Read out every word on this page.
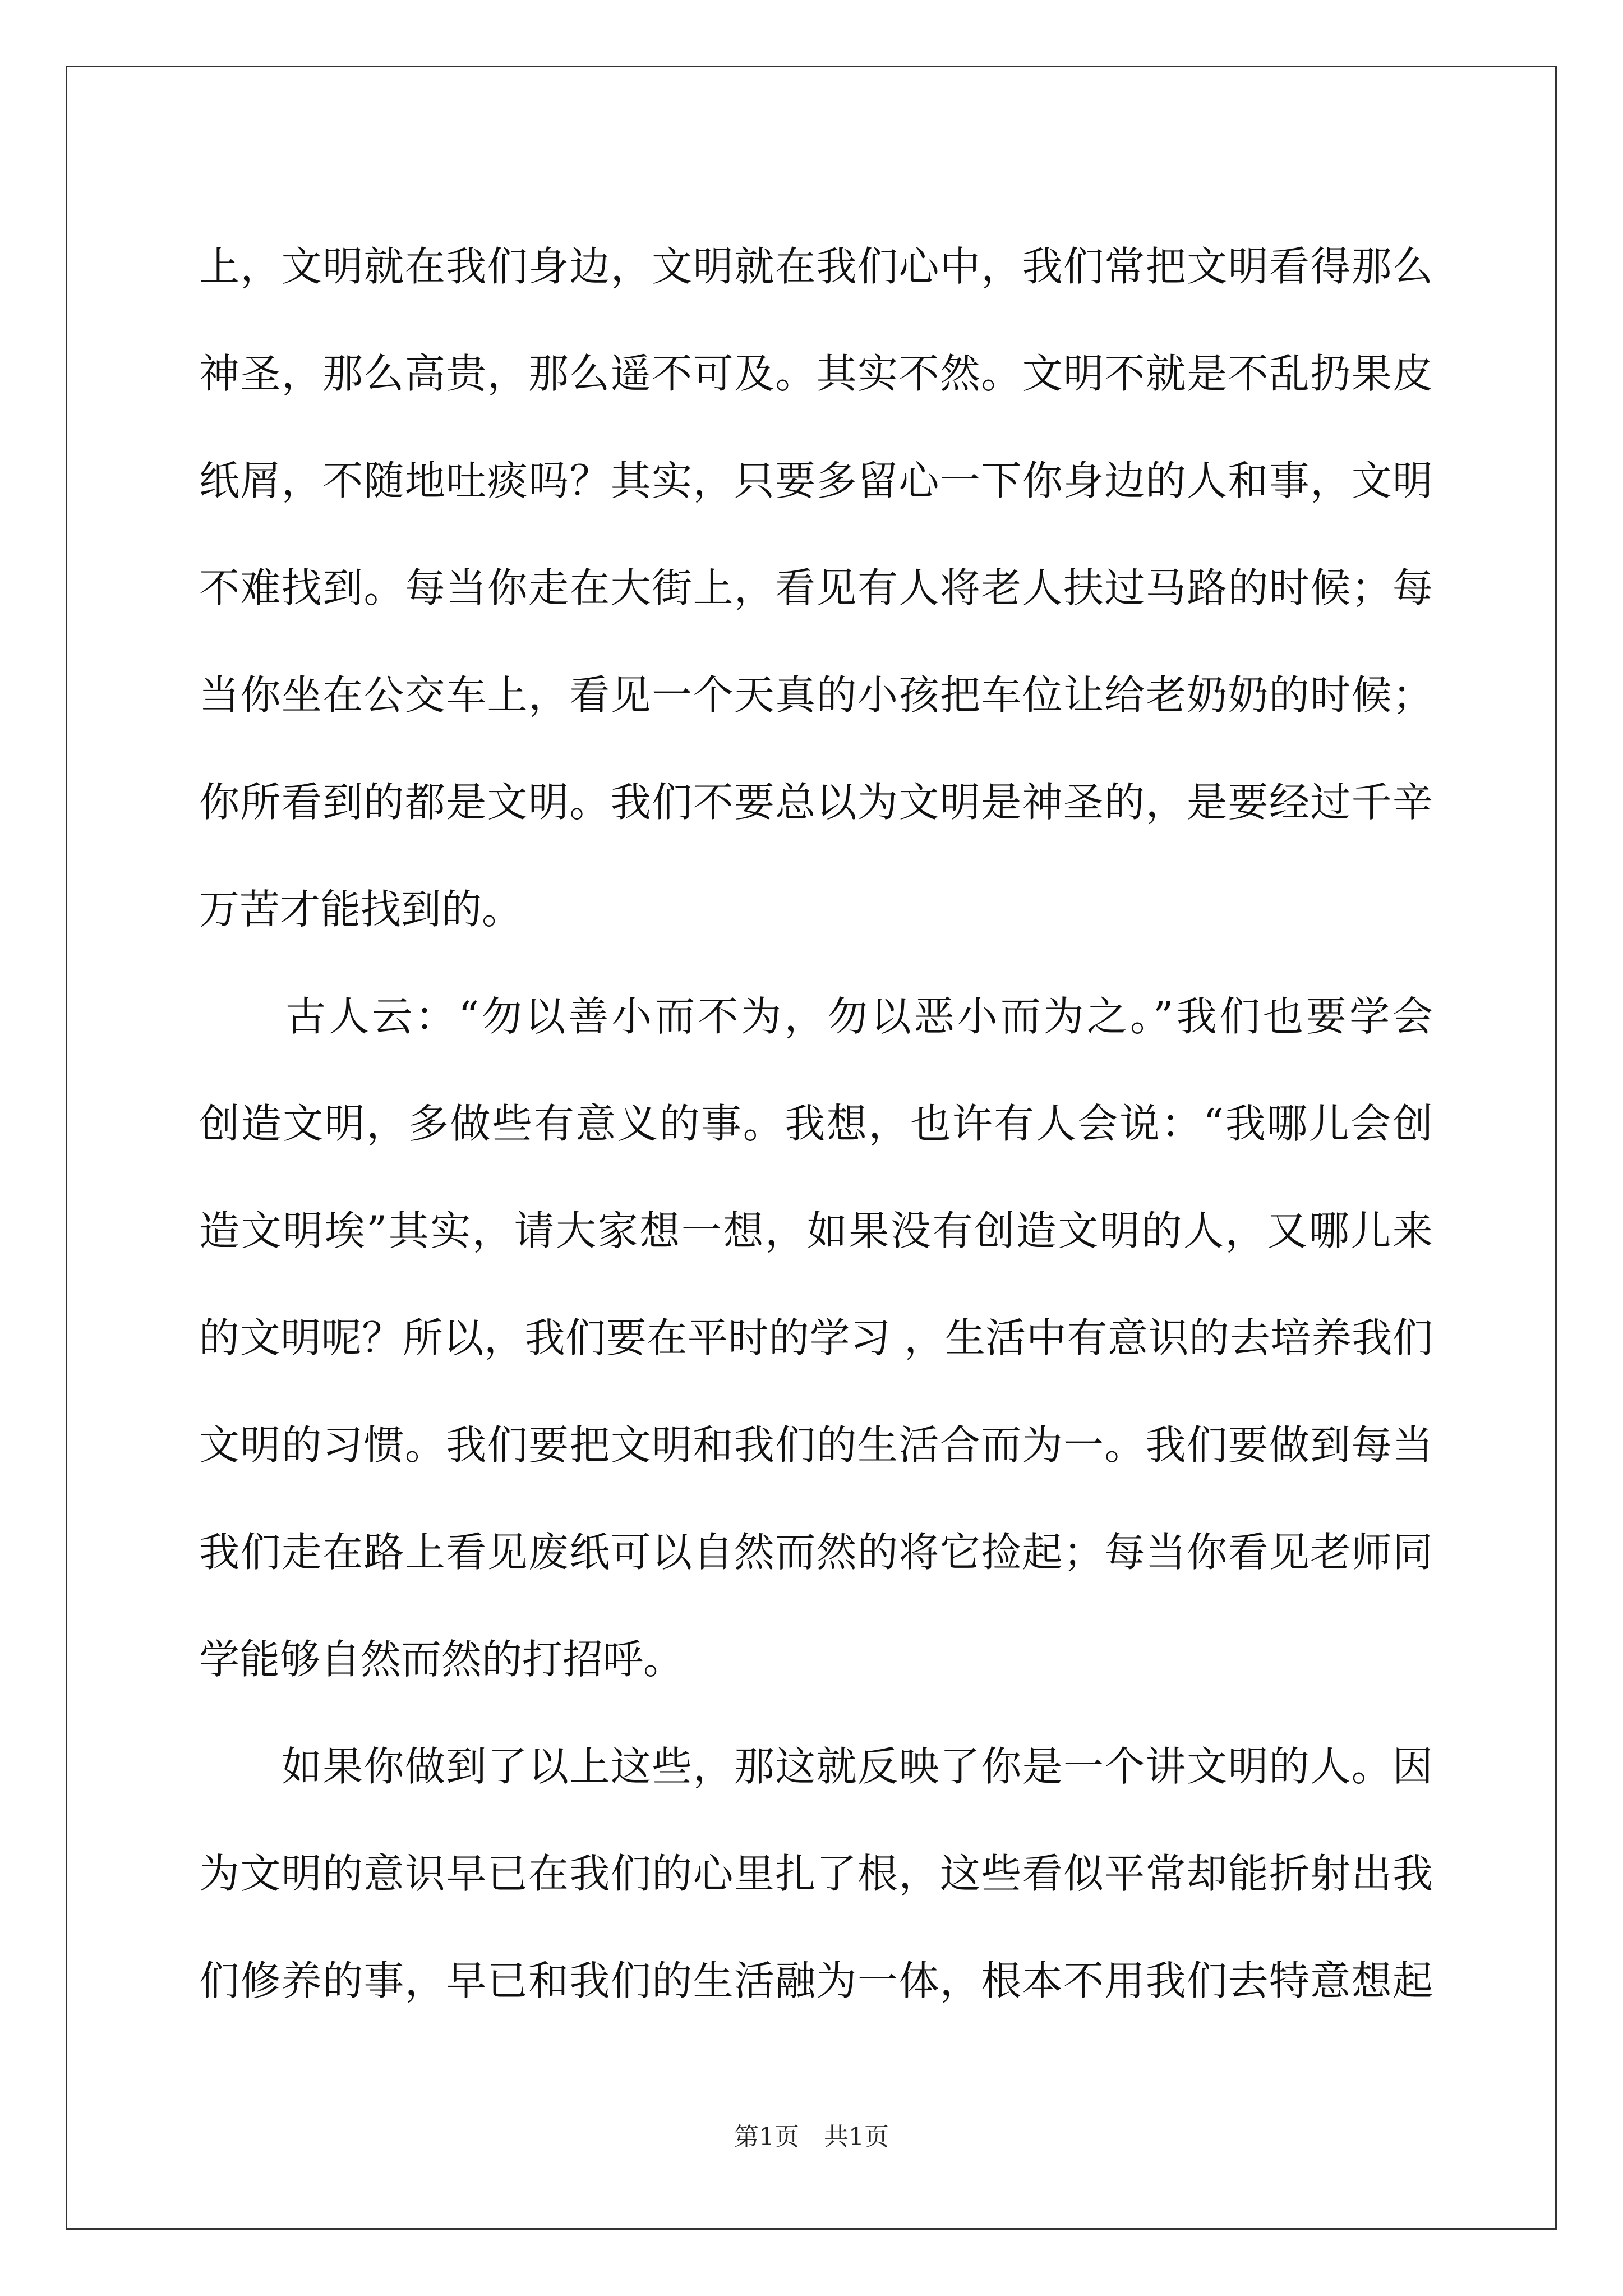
上，文明就在我们身边，文明就在我们心中，我们常把文明看得那么
神圣，那么高贵，那么遥不可及。其实不然。文明不就是不乱扔果皮
纸屑，不随地吐痰吗？其实，只要多留心一下你身边的人和事，文明
不难找到。每当你走在大街上，看见有人将老人扶过马路的时候；每
当你坐在公交车上，看见一个天真的小孩把车位让给老奶奶的时候；
你所看到的都是文明。我们不要总以为文明是神圣的，是要经过千辛
万苦才能找到的。
　　古人云：“勿以善小而不为，勿以恶小而为之。”我们也要学会
创造文明，多做些有意义的事。我想，也许有人会说：“我哪儿会创
造文明埃”其实，请大家想一想，如果没有创造文明的人，又哪儿来
的文明呢？所以，我们要在平时的学习 ，生活中有意识的去培养我们
文明的习惯。我们要把文明和我们的生活合而为一。我们要做到每当
我们走在路上看见废纸可以自然而然的将它捡起；每当你看见老师同
学能够自然而然的打招呼。
　　如果你做到了以上这些，那这就反映了你是一个讲文明的人。因
为文明的意识早已在我们的心里扎了根，这些看似平常却能折射出我
们修养的事，早已和我们的生活融为一体，根本不用我们去特意想起
第1页　共1页
